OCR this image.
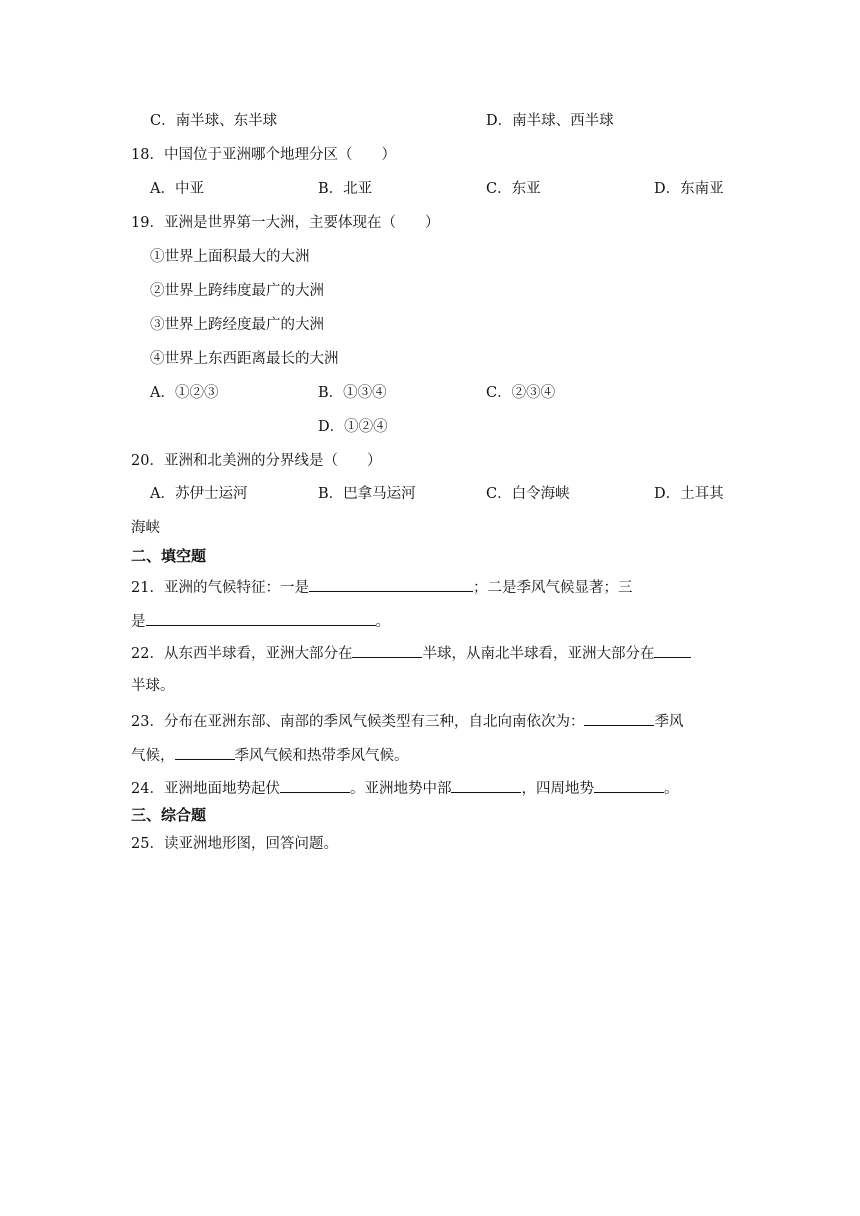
C．南半球、东半球	D．南半球、西半球
18．中国位于亚洲哪个地理分区（　　）
A．中亚	B．北亚	C．东亚	D．东南亚
19．亚洲是世界第一大洲，主要体现在（　　）
①世界上面积最大的大洲
②世界上跨纬度最广的大洲
③世界上跨经度最广的大洲
④世界上东西距离最长的大洲
A．①②③	B．①③④	C．②③④
D．①②④
20．亚洲和北美洲的分界线是（　　）
A．苏伊士运河	B．巴拿马运河	C．白令海峡	D．土耳其
海峡
二、填空题
21．亚洲的气候特征：一是	；二是季风气候显著；三
是	。
22．从东西半球看，亚洲大部分在	半球，从南北半球看，亚洲大部分在
半球。
23．分布在亚洲东部、南部的季风气候类型有三种，自北向南依次为：	季风
气候，	季风气候和热带季风气候。
24．亚洲地面地势起伏	。亚洲地势中部	，四周地势	。
三、综合题
25．读亚洲地形图，回答问题。
